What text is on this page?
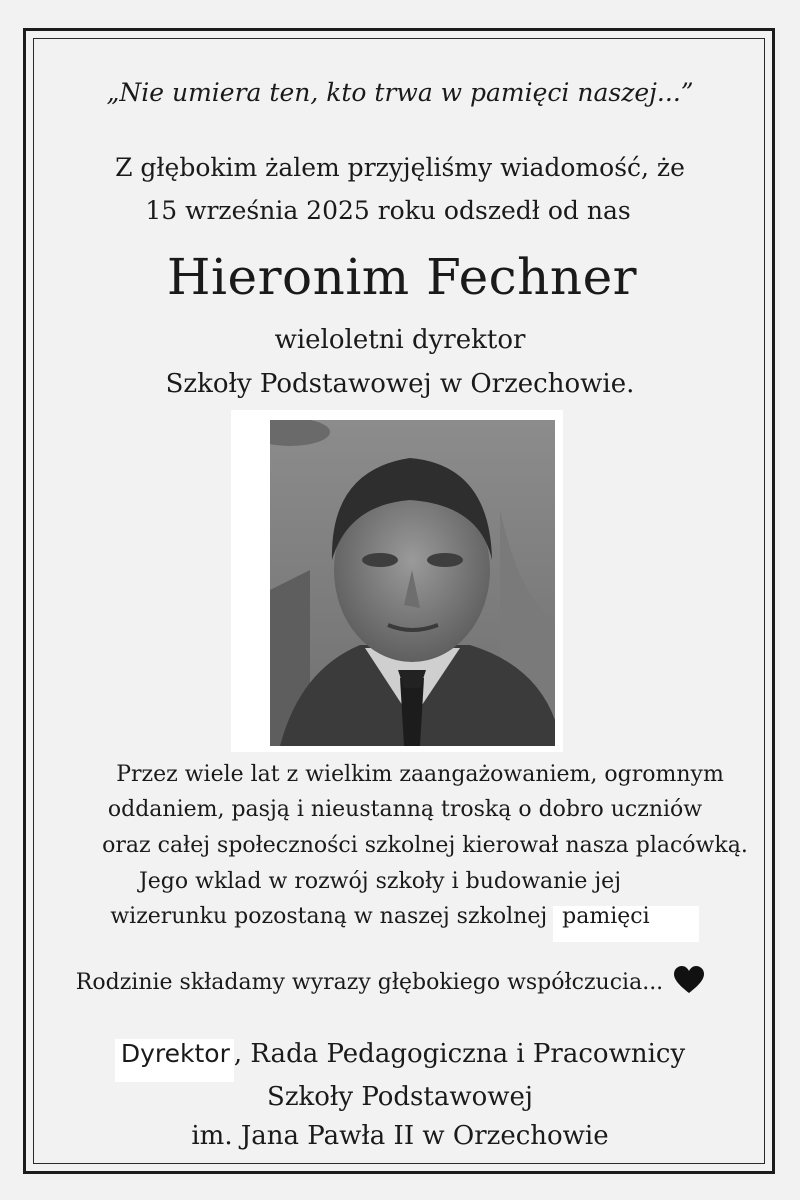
„Nie umiera ten, kto trwa w pamięci naszej...”
Z głębokim żalem przyjęliśmy wiadomość, że
15 września 2025 roku odszedł od nas
Hieronim Fechner
wieloletni dyrektor
Szkoły Podstawowej w Orzechowie.
Przez wiele lat z wielkim zaangażowaniem, ogromnym
oddaniem, pasją i nieustanną troską o dobro uczniów
oraz całej społeczności szkolnej kierował nasza placówką.
Jego wklad w rozwój szkoły i budowanie jej
wizerunku pozostaną w naszej szkolnej pamięci
Rodzinie składamy wyrazy głębokiego współczucia...
Dyrektor , Rada Pedagogiczna i Pracownicy
Szkoły Podstawowej
im. Jana Pawła II w Orzechowie
